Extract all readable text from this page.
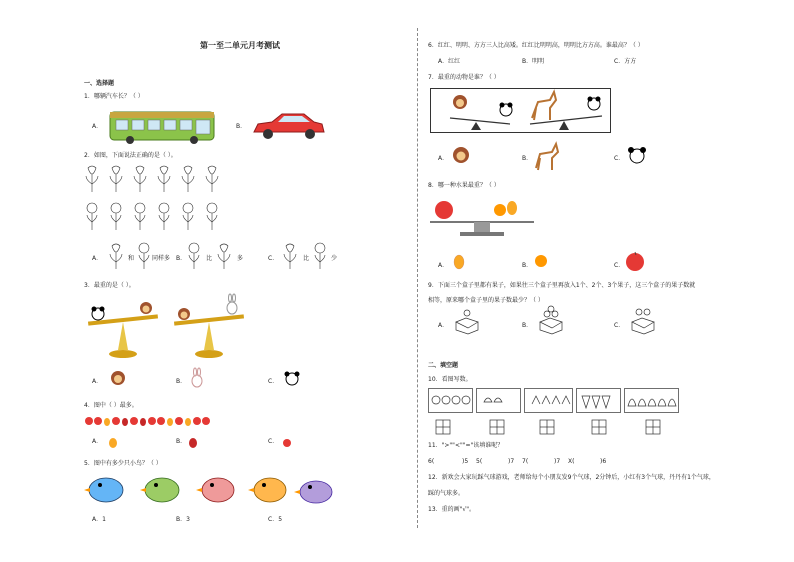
第一至二单元月考测试
一、选择题
1．哪辆汽车长？（ ）
A．	B．
2．如图，下面说法正确的是（ ）。
A．	和	同样多 B．	比	多	C．	比	少
3．最重的是（ ）。
A．	B．	C．
4．图中（ ）最多。
A．	B．	C．
5．图中有多少只小鸟？（ ）
A．1	B．3	C．5
6．红红、明明、方方三人比高矮。红红比明明高，明明比方方高。谁最高？（ ）
A．红红	B．明明	C．方方
7．最重的动物是谁？（ ）
A．	B．	C．
8．哪一种水果最重？（ ）
A．	B．	C．
9．下面三个盒子里都有果子，如果往三个盒子里再放入1个、2个、3个果子，这三个盒子的果子数就
相等，原来哪个盒子里的果子数最少？（ ）
A．	B．	C．
二、填空题
10．看图写数。
11．">""<""="该填谁呢？
6(	)5 5(	)7 7(	)7 X(	)6
12．新欢会大家玩踩气球游戏，老师给每个小朋友发9个气球，2分钟后，小红有3个气球，丹丹有1个气球，
踩的气球多。
13．重的画"√"。
